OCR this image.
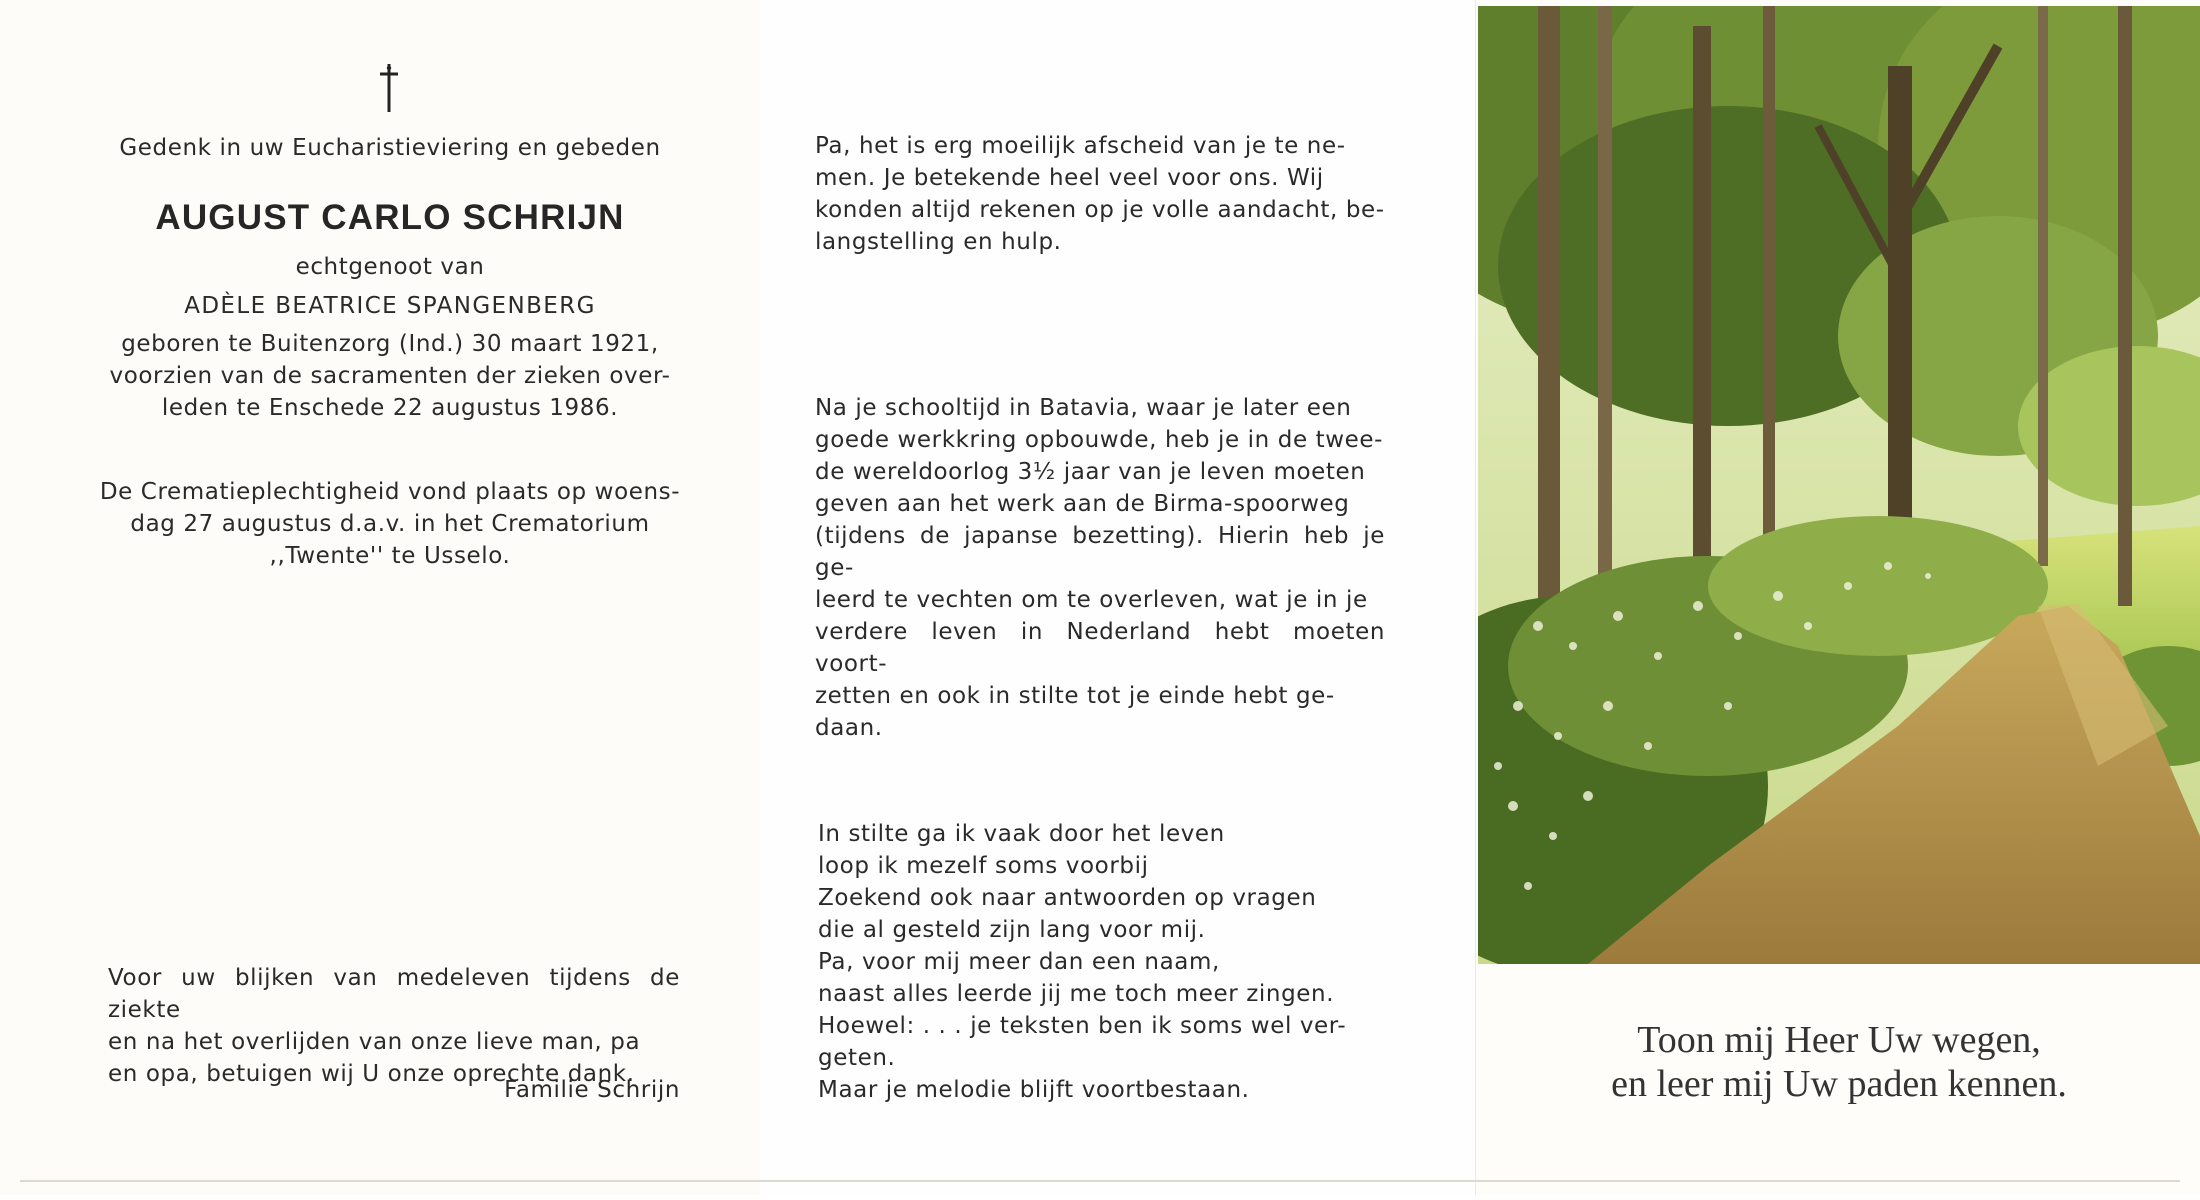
Gedenk in uw Eucharistieviering en gebeden
AUGUST CARLO SCHRIJN
echtgenoot van
ADÈLE BEATRICE SPANGENBERG
geboren te Buitenzorg (Ind.) 30 maart 1921,
voorzien van de sacramenten der zieken over-
leden te Enschede 22 augustus 1986.
De Crematieplechtigheid vond plaats op woens-
dag 27 augustus d.a.v. in het Crematorium
,,Twente'' te Usselo.
Voor uw blijken van medeleven tijdens de ziekte
en na het overlijden van onze lieve man, pa
en opa, betuigen wij U onze oprechte dank.
Familie Schrijn
Pa, het is erg moeilijk afscheid van je te ne-
men. Je betekende heel veel voor ons. Wij
konden altijd rekenen op je volle aandacht, be-
langstelling en hulp.
Na je schooltijd in Batavia, waar je later een
goede werkkring opbouwde, heb je in de twee-
de wereldoorlog 3½ jaar van je leven moeten
geven aan het werk aan de Birma-spoorweg
(tijdens de japanse bezetting). Hierin heb je ge-
leerd te vechten om te overleven, wat je in je
verdere leven in Nederland hebt moeten voort-
zetten en ook in stilte tot je einde hebt ge-
daan.
In stilte ga ik vaak door het leven
loop ik mezelf soms voorbij
Zoekend ook naar antwoorden op vragen
die al gesteld zijn lang voor mij.
Pa, voor mij meer dan een naam,
naast alles leerde jij me toch meer zingen.
Hoewel: . . . je teksten ben ik soms wel ver-
geten.
Maar je melodie blijft voortbestaan.
Toon mij Heer Uw wegen,
en leer mij Uw paden kennen.
